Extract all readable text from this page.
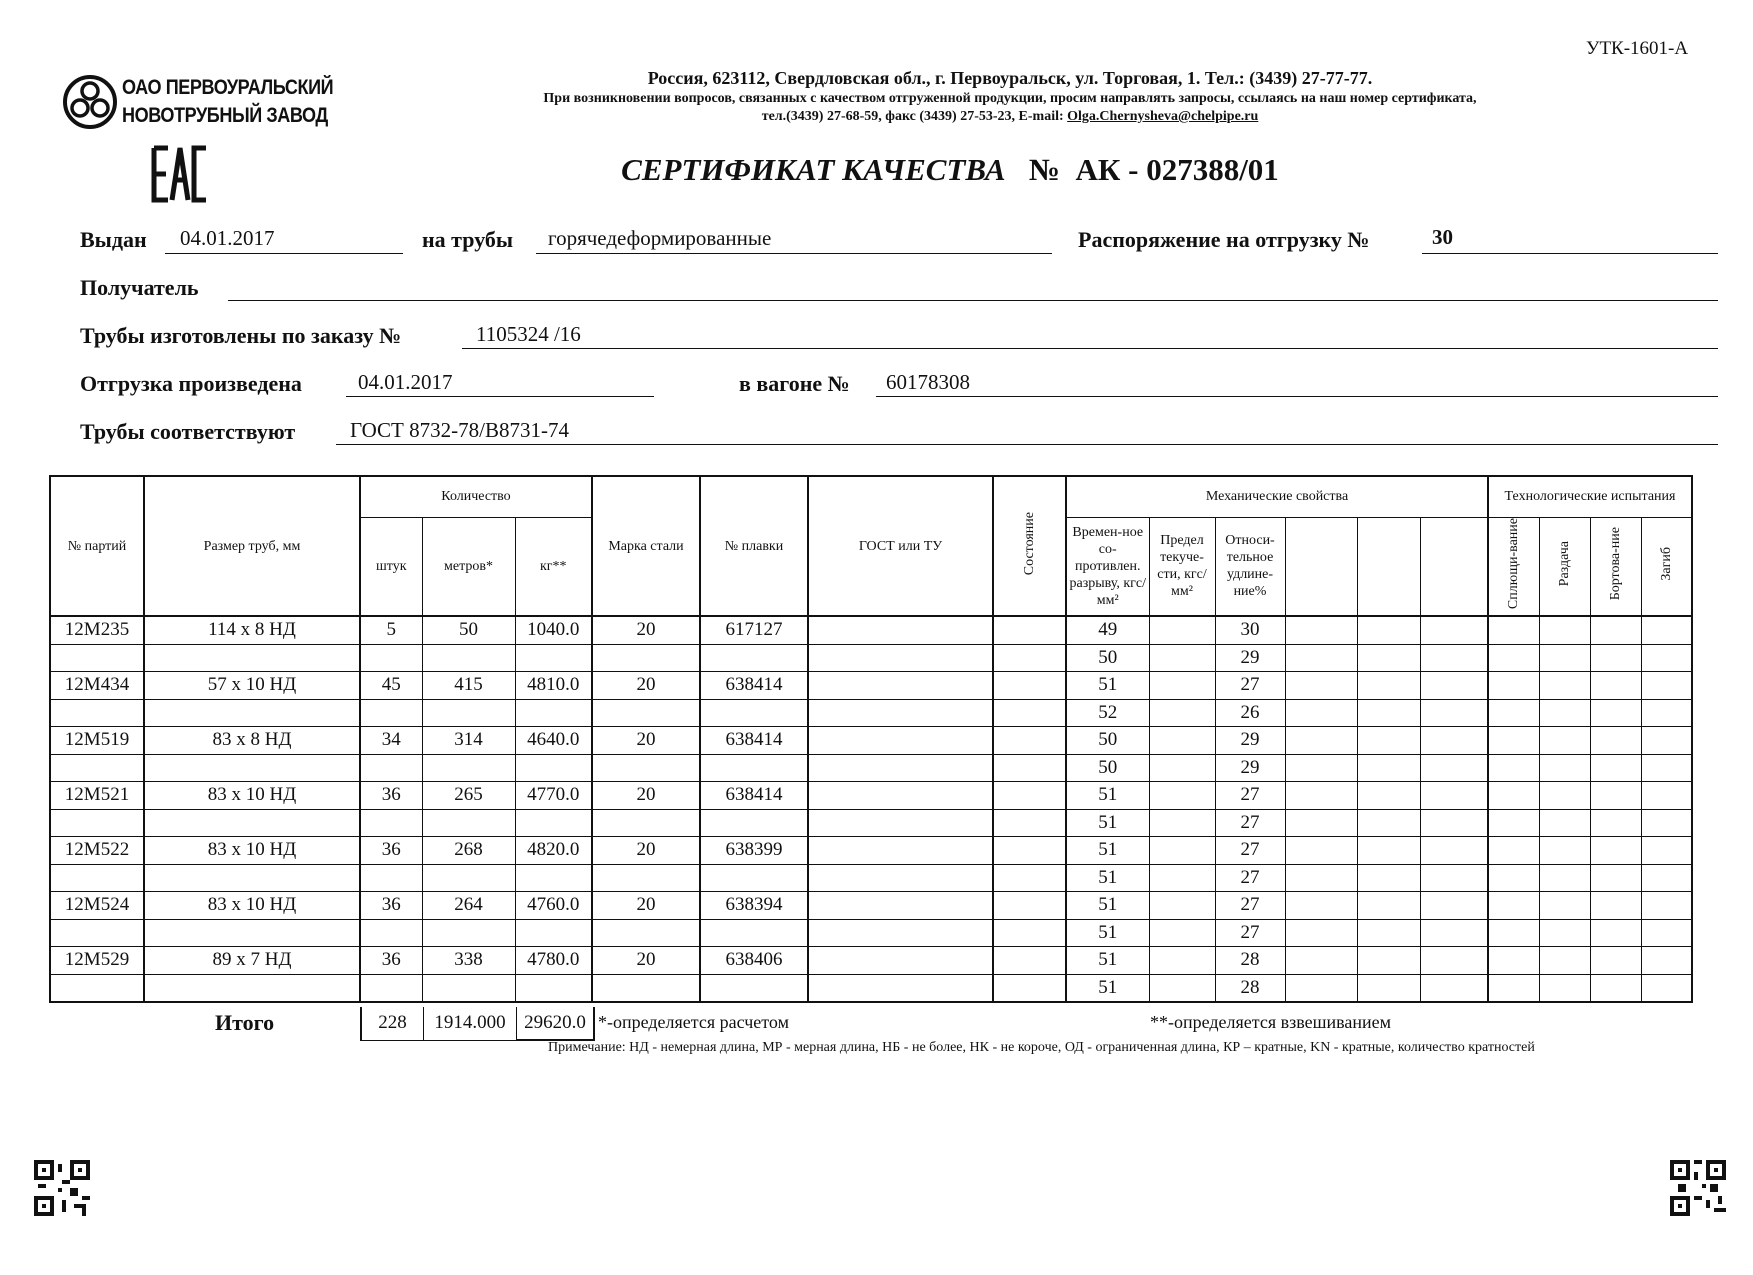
УТК-1601-А
ОАО ПЕРВОУРАЛЬСКИЙ
НОВОТРУБНЫЙ ЗАВОД
Россия, 623112, Свердловская обл., г. Первоуральск, ул. Торговая, 1. Тел.: (3439) 27-77-77.
При возникновении вопросов, связанных с качеством отгруженной продукции, просим направлять запросы, ссылаясь на наш номер сертификата,
тел.(3439) 27-68-59, факс (3439) 27-53-23, E-mail: Olga.Chernysheva@chelpipe.ru
СЕРТИФИКАТ КАЧЕСТВА № АК - 027388/01
Выдан 04.01.2017	на трубы горячедеформированные	Распоряжение на отгрузку №	30
Получатель
Трубы изготовлены по заказу №	1105324 /16
Отгрузка произведена	04.01.2017	в вагоне № 60178308
Трубы соответствуют	ГОСТ 8732-78/В8731-74
№ партий	Размер труб, мм	Количество			Марка стали	№ плавки	ГОСТ или ТУ	Состояние	Механические свойства						Технологические испытания			
		штук	метров*	кг**					Времен-ное со-противлен. разрыву, кгс/мм²	Предел текуче-сти, кгс/мм²	Относи-тельное удлине-ние%				Сплющи-вание	Раздача	Бортова-ние	Загиб
12М235	114 х 8 НД	5	50	1040.0	20	617127			49		30							
									50		29							
12М434	57 х 10 НД	45	415	4810.0	20	638414			51		27							
									52		26							
12М519	83 х 8 НД	34	314	4640.0	20	638414			50		29							
									50		29							
12М521	83 х 10 НД	36	265	4770.0	20	638414			51		27							
									51		27							
12М522	83 х 10 НД	36	268	4820.0	20	638399			51		27							
									51		27							
12М524	83 х 10 НД	36	264	4760.0	20	638394			51		27							
									51		27							
12М529	89 х 7 НД	36	338	4780.0	20	638406			51		28							
									51		28							
Итого	228	1914.000	29620.0 *-определяется расчетом	**-определяется взвешиванием
Примечание: НД - немерная длина, МР - мерная длина, НБ - не более, НК - не короче, ОД - ограниченная длина, КР – кратные, KN - кратные, количество кратностей
